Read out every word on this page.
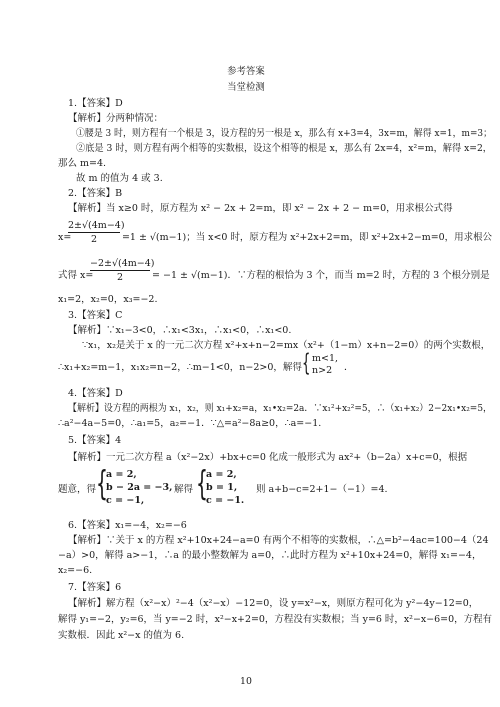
参考答案
当堂检测
1.【答案】D
【解析】分两种情况：
①腰是 3 时，则方程有一个根是 3，设方程的另一根是 x，那么有 x+3=4，3x=m，解得 x=1，m=3；
②底是 3 时，则方程有两个相等的实数根，设这个相等的根是 x，那么有 2x=4，x²=m，解得 x=2，
那么 m=4.
故 m 的值为 4 或 3.
2.【答案】B
【解析】当 x≥0 时，原方程为 x² − 2x + 2=m，即 x² − 2x + 2 − m=0，用求根公式得
x=
2±√(4m−4)
2	=1 ± √(m−1)；当 x<0 时，原方程为 x²+2x+2=m，即 x²+2x+2−m=0，用求根公
式得 x=
−2±√(4m−4)
2	= −1 ± √(m−1)．∵方程的根恰为 3 个，而当 m=2 时，方程的 3 个根分别是
x₁=2，x₂=0，x₃=−2.
3.【答案】C
【解析】∵x₁−3<0，∴x₁<3x₁，∴x₁<0，∴x₁<0.
∵x₁，x₂是关于 x 的一元二次方程 x²+x+n−2=mx（x²+（1−m）x+n−2=0）的两个实数根，
∴x₁+x₂=m−1，x₁x₂=n−2，∴m−1<0，n−2>0，解得 { m<1,
n>2	．
4.【答案】D
【解析】设方程的两根为 x₁，x₂，则 x₁+x₂=a，x₁•x₂=2a．∵x₁²+x₂²=5，∴（x₁+x₂）2−2x₁•x₂=5，
∴a²−4a−5=0，∴a₁=5，a₂=−1．∵△=a²−8a≥0，∴a=−1.
5.【答案】4
【解析】一元二次方程 a（x²−2x）+bx+c=0 化成一般形式为 ax²+（b−2a）x+c=0，根据
题意，得 {
a = 2,
b − 2a = −3,
c = −1,
解得 {
a = 2,
b = 1,
c = −1.
则 a+b−c=2+1−（−1）=4.
6.【答案】x₁=−4，x₂=−6
【解析】∵关于 x 的方程 x²+10x+24−a=0 有两个不相等的实数根，∴△=b²−4ac=100−4（24
−a）>0，解得 a>−1，∴a 的最小整数解为 a=0，∴此时方程为 x²+10x+24=0，解得 x₁=−4，
x₂=−6.
7.【答案】6
【解析】解方程（x²−x）²−4（x²−x）−12=0，设 y=x²−x，则原方程可化为 y²−4y−12=0，
解得 y₁=−2，y₂=6，当 y=−2 时，x²−x+2=0，方程没有实数根；当 y=6 时，x²−x−6=0，方程有
实数根．因此 x²−x 的值为 6.
10
